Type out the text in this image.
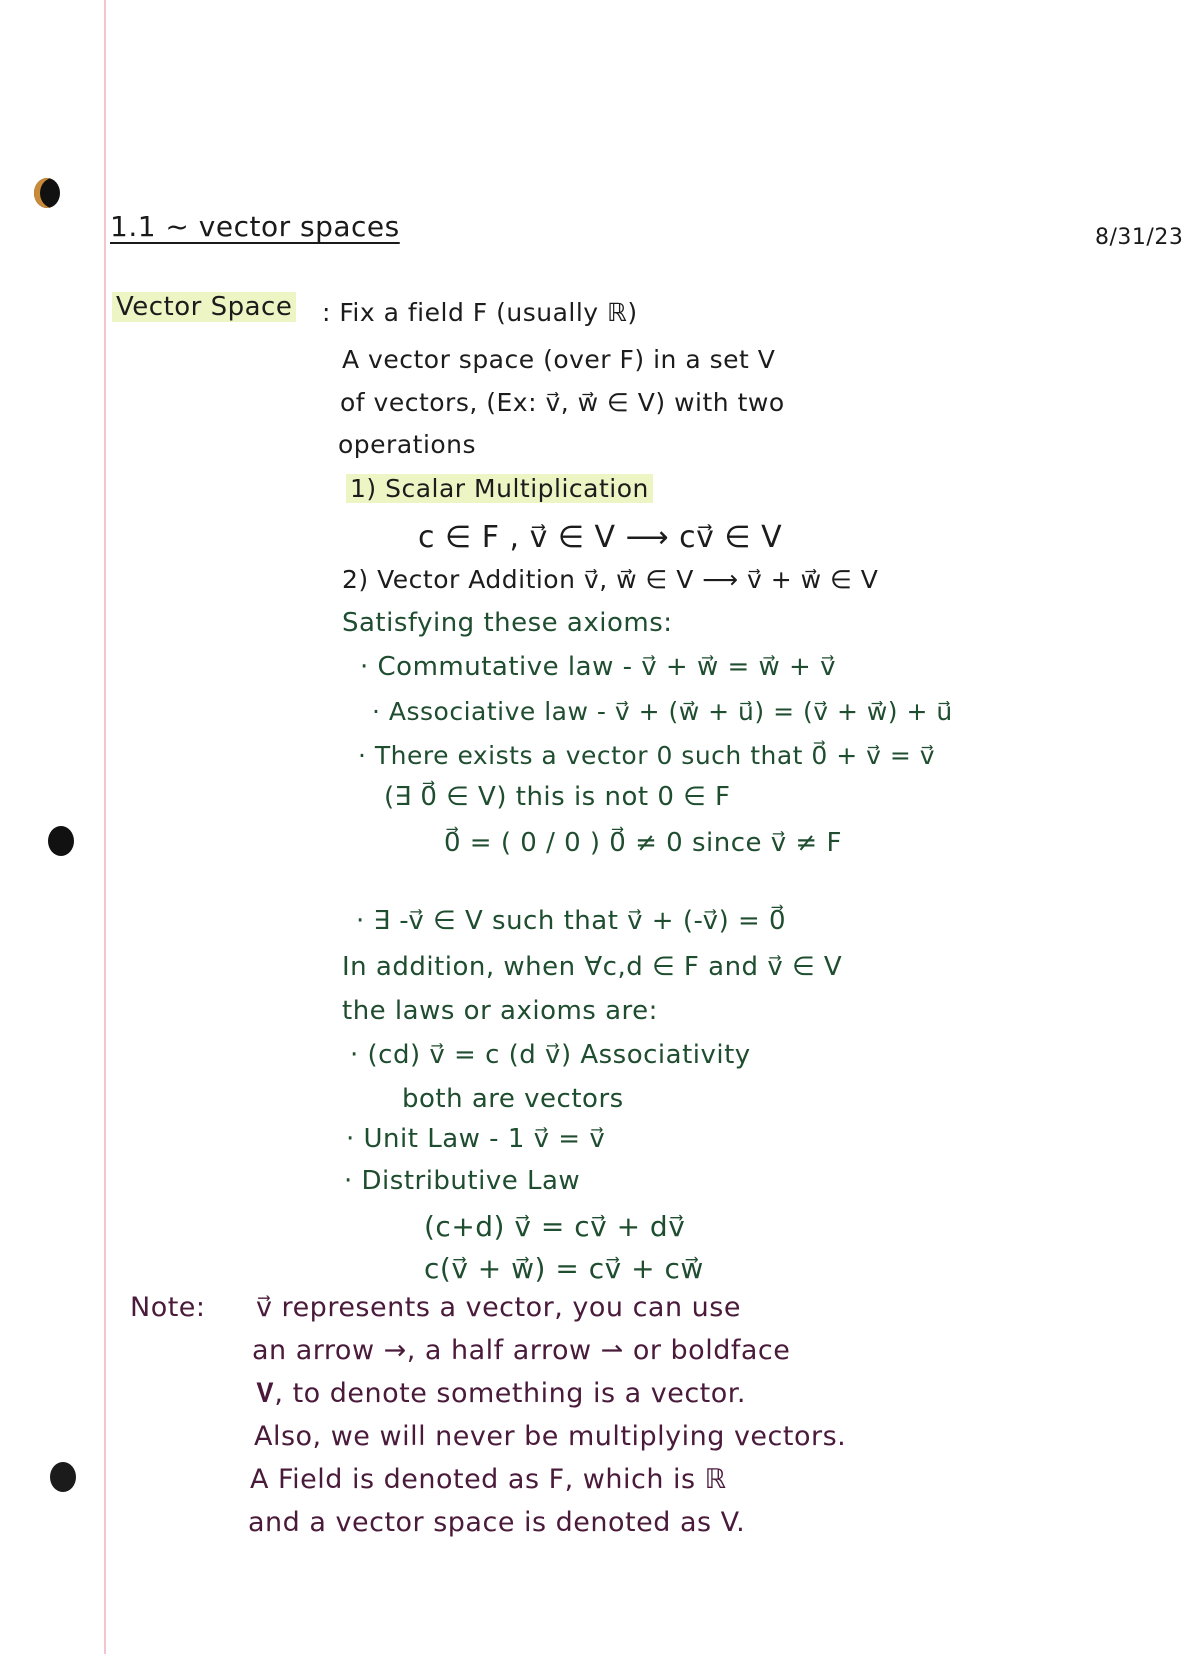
1.1 ~ vector spaces	8/31/23
Vector Space : Fix a field F (usually ℝ)
A vector space (over F) in a set V
of vectors, (Ex: v⃗, w⃗ ∈ V) with two
operations
1) Scalar Multiplication
c ∈ F , v⃗ ∈ V ⟶ cv⃗ ∈ V
2) Vector Addition v⃗, w⃗ ∈ V ⟶ v⃗ + w⃗ ∈ V
Satisfying these axioms:
· Commutative law - v⃗ + w⃗ = w⃗ + v⃗
· Associative law - v⃗ + (w⃗ + u⃗) = (v⃗ + w⃗) + u⃗
· There exists a vector 0 such that 0⃗ + v⃗ = v⃗
(∃ 0⃗ ∈ V) this is not 0 ∈ F
0⃗ = ( 0 / 0 ) 0⃗ ≠ 0 since v⃗ ≠ F
· ∃ -v⃗ ∈ V such that v⃗ + (-v⃗) = 0⃗
In addition, when ∀c,d ∈ F and v⃗ ∈ V
the laws or axioms are:
· (cd) v⃗ = c (d v⃗) Associativity
both are vectors
· Unit Law - 1 v⃗ = v⃗
· Distributive Law
(c+d) v⃗ = cv⃗ + dv⃗
c(v⃗ + w⃗) = cv⃗ + cw⃗
Note: v⃗ represents a vector, you can use
an arrow →, a half arrow ⇀ or boldface
𝐕, to denote something is a vector.
Also, we will never be multiplying vectors.
A Field is denoted as F, which is ℝ
and a vector space is denoted as V.
